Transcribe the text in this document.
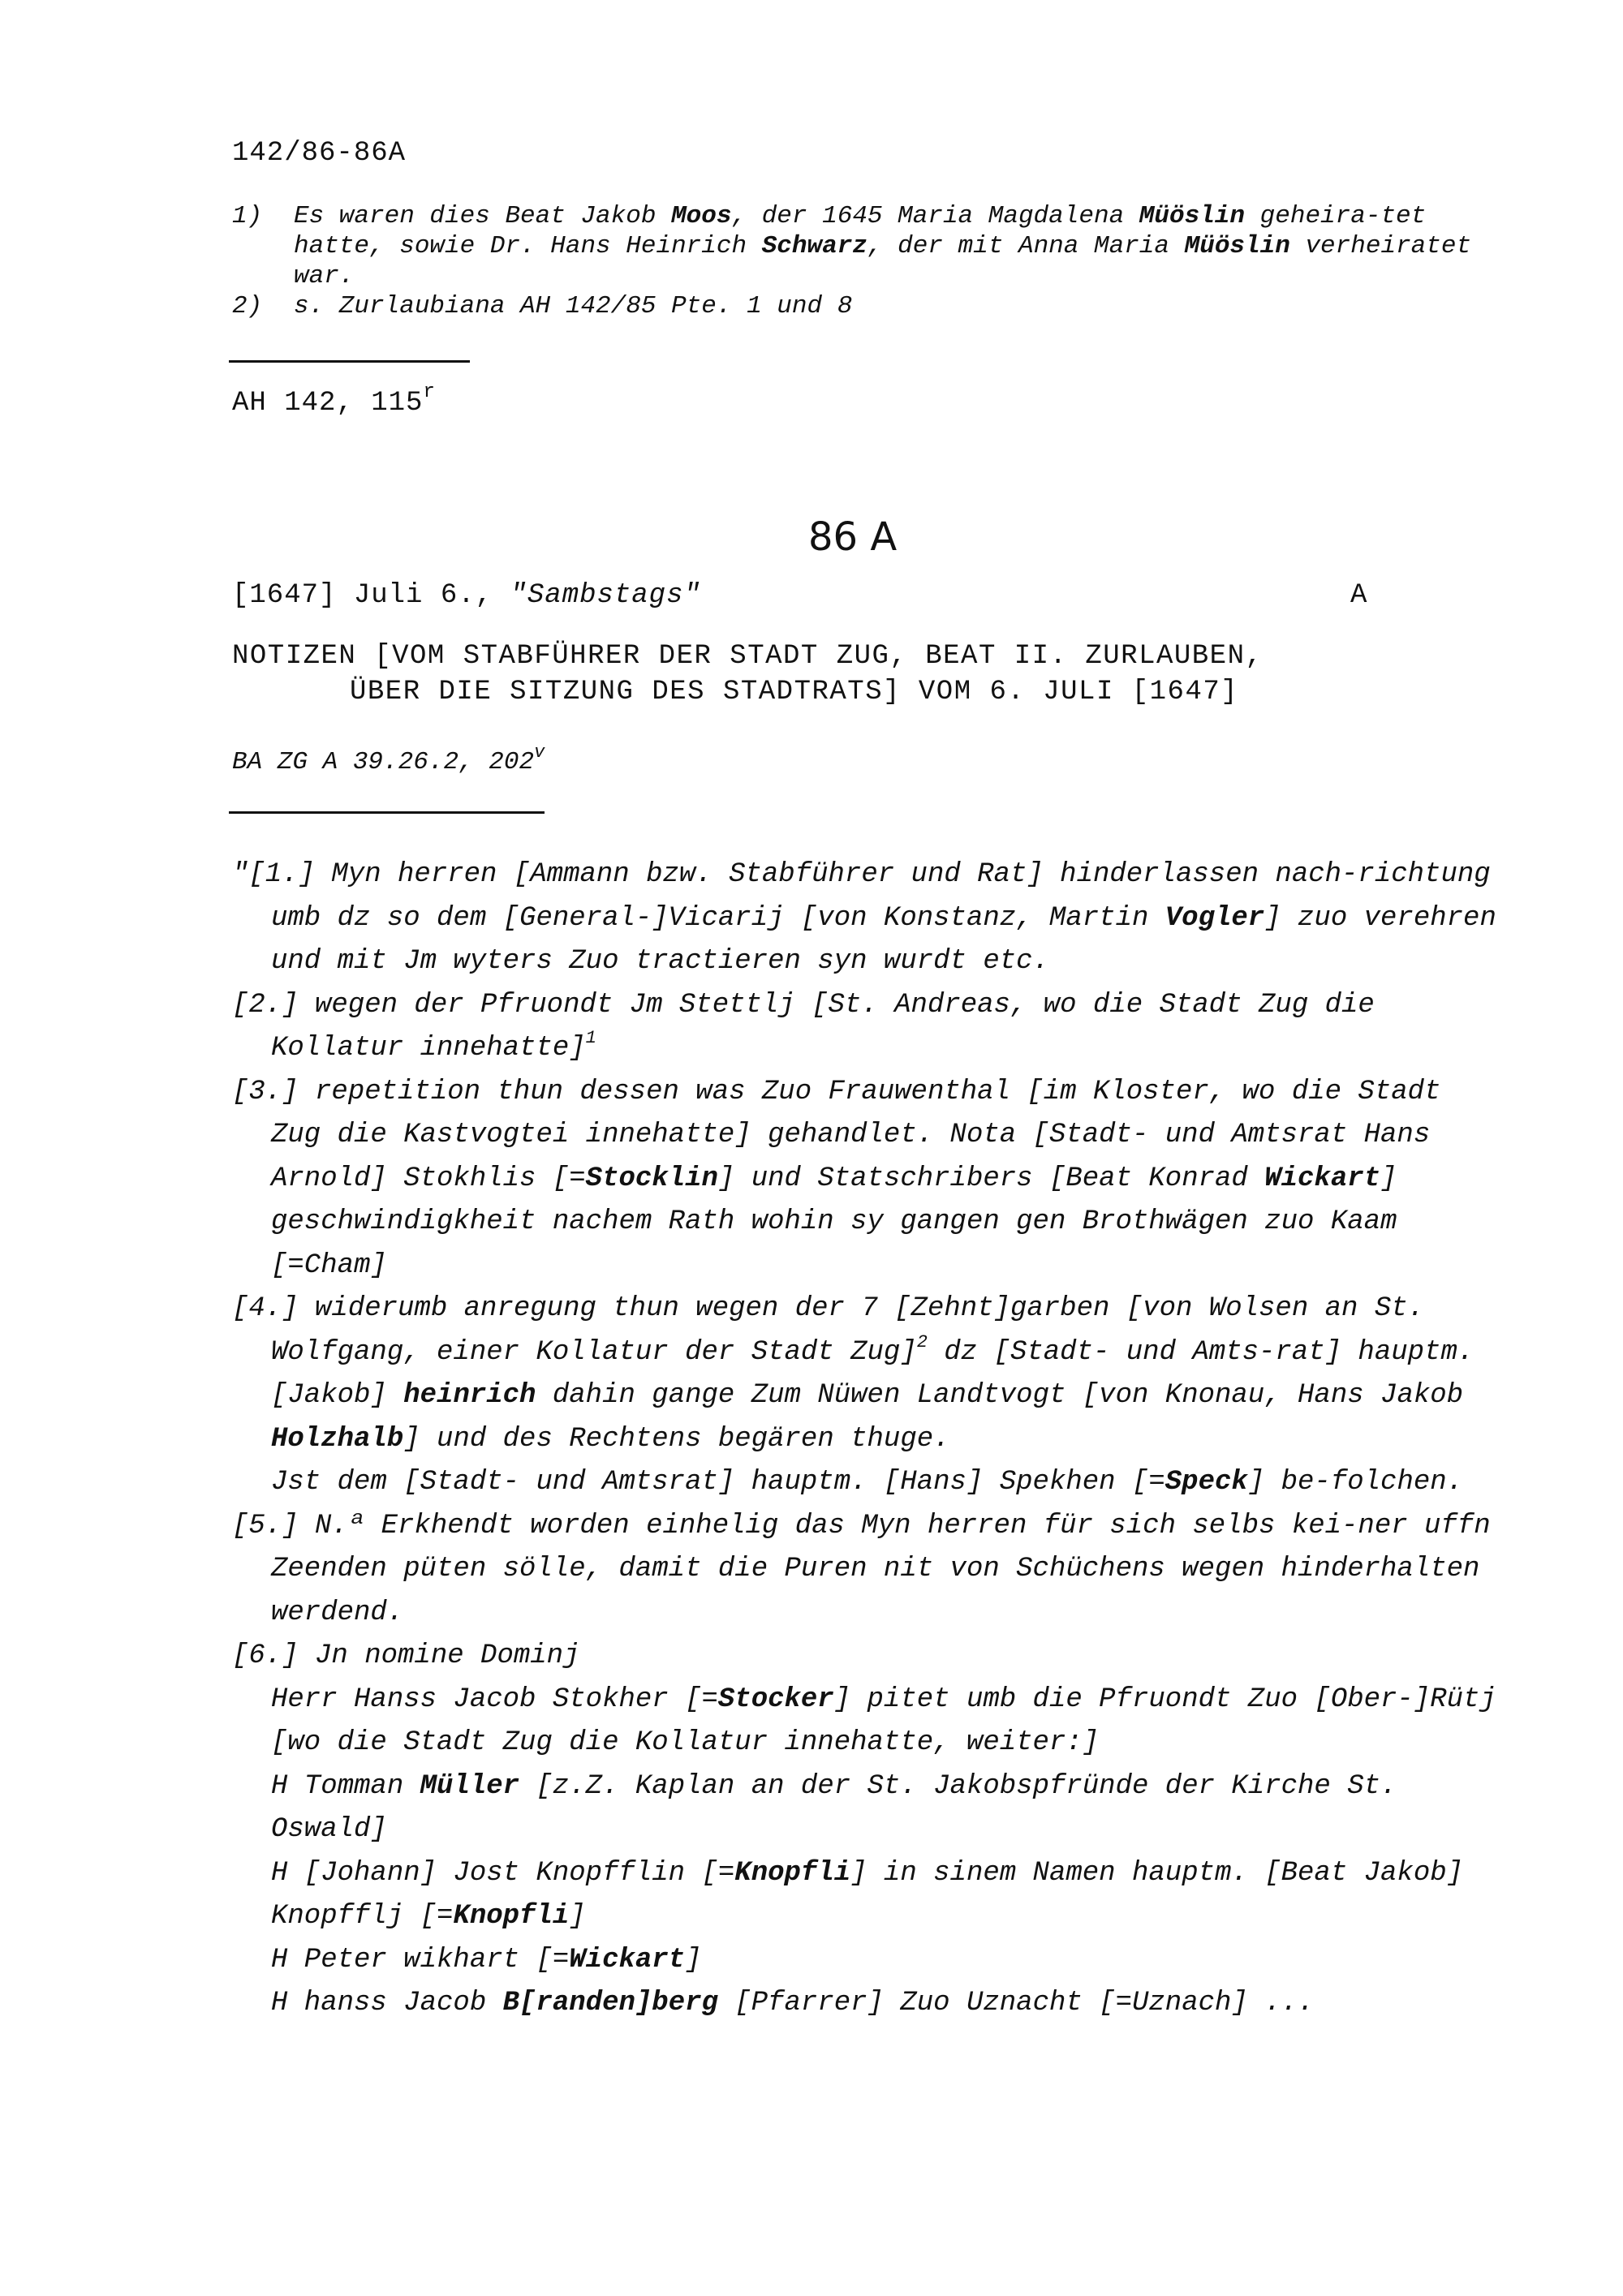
142/86-86A
1) Es waren dies Beat Jakob Moos, der 1645 Maria Magdalena Müöslin geheira-tet hatte, sowie Dr. Hans Heinrich Schwarz, der mit Anna Maria Müöslin verheiratet war.
2) s. Zurlaubiana AH 142/85 Pte. 1 und 8
AH 142, 115$^r$
86 A
[1647] Juli 6., "Sambstags"	A
NOTIZEN [VOM STABFÜHRER DER STADT ZUG, BEAT II. ZURLAUBEN,
ÜBER DIE SITZUNG DES STADTRATS] VOM 6. JULI [1647]
BA ZG A 39.26.2, 202$^v$
"[1.] Myn herren [Ammann bzw. Stabführer und Rat] hinderlassen nach-richtung umb dz so dem [General-]Vicarij [von Konstanz, Martin Vogler] zuo verehren und mit Jm wyters Zuo tractieren syn wurdt etc.
[2.] wegen der Pfruondt Jm Stettlj [St. Andreas, wo die Stadt Zug die Kollatur innehatte]$^1$
[3.] repetition thun dessen was Zuo Frauwenthal [im Kloster, wo die Stadt Zug die Kastvogtei innehatte] gehandlet. Nota [Stadt- und Amtsrat Hans Arnold] Stokhlis [=Stocklin] und Statschribers [Beat Konrad Wickart] geschwindigkheit nachem Rath wohin sy gangen gen Brothwägen zuo Kaam [=Cham]
[4.] widerumb anregung thun wegen der 7 [Zehnt]garben [von Wolsen an St. Wolfgang, einer Kollatur der Stadt Zug]$^2$ dz [Stadt- und Amts-rat] hauptm. [Jakob] heinrich dahin gange Zum Nüwen Landtvogt [von Knonau, Hans Jakob Holzhalb] und des Rechtens begären thuge.
Jst dem [Stadt- und Amtsrat] hauptm. [Hans] Spekhen [=Speck] be-folchen.
[5.] N.ª Erkhendt worden einhelig das Myn herren für sich selbs kei-ner uffn Zeenden püten sölle, damit die Puren nit von Schüchens wegen hinderhalten werdend.
[6.] Jn nomine Dominj
Herr Hanss Jacob Stokher [=Stocker] pitet umb die Pfruondt Zuo [Ober-]Rütj [wo die Stadt Zug die Kollatur innehatte, weiter:]
H Tomman Müller [z.Z. Kaplan an der St. Jakobspfründe der Kirche St. Oswald]
H [Johann] Jost Knopfflin [=Knopfli] in sinem Namen hauptm. [Beat Jakob] Knopfflj [=Knopfli]
H Peter wikhart [=Wickart]
H hanss Jacob B[randen]berg [Pfarrer] Zuo Uznacht [=Uznach] ...
